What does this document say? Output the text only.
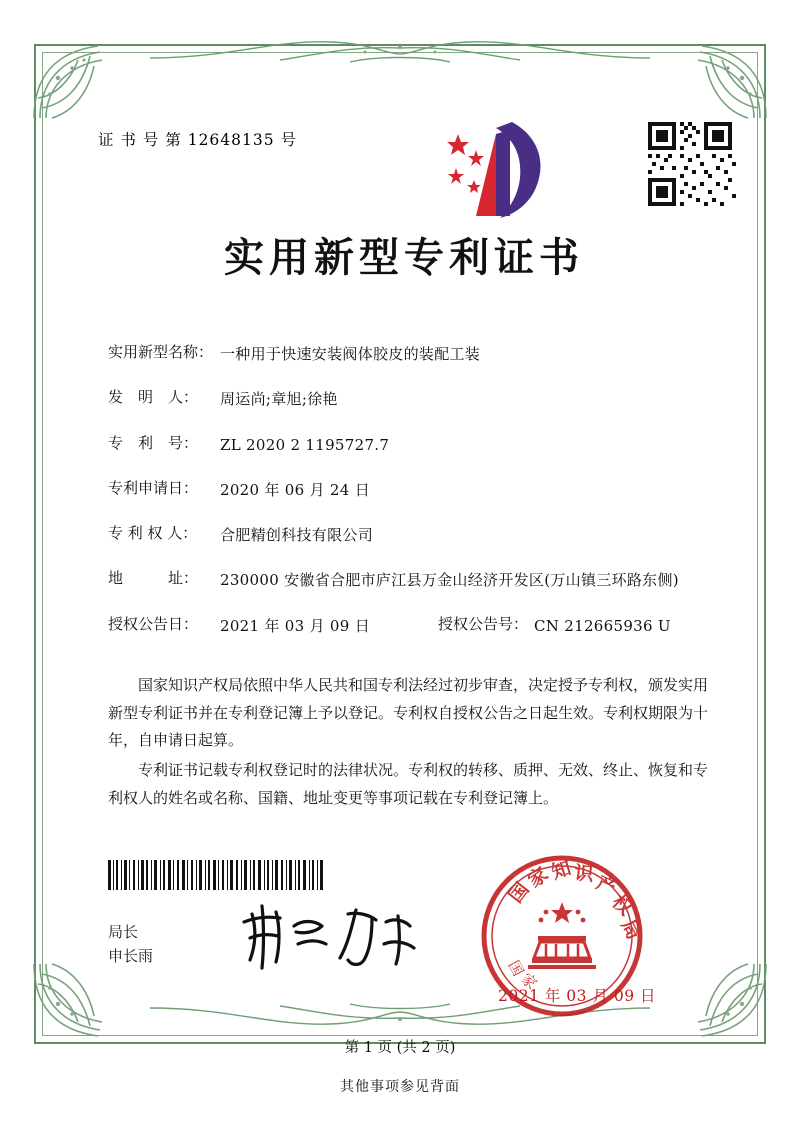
证 书 号 第 12648135 号
实用新型专利证书
实用新型名称： 一种用于快速安装阀体胶皮的装配工装
发　明　人：	周运尚;章旭;徐艳
专　利　号：	ZL 2020 2 1195727.7
专利申请日：	2020 年 06 月 24 日
专 利 权 人：	合肥精创科技有限公司
地　　　址：	230000 安徽省合肥市庐江县万金山经济开发区(万山镇三环路东侧)
授权公告日：	2021 年 03 月 09 日	授权公告号： CN 212665936 U

国家知识产权局依照中华人民共和国专利法经过初步审查，决定授予专利权，颁发实用新型专利证书并在专利登记簿上予以登记。专利权自授权公告之日起生效。专利权期限为十年，自申请日起算。

专利证书记载专利权登记时的法律状况。专利权的转移、质押、无效、终止、恢复和专利权人的姓名或名称、国籍、地址变更等事项记载在专利登记簿上。

局长
申长雨
国
家
知 识
产
权
局
国
家
2021 年 03 月 09 日
第 1 页 (共 2 页)
其他事项参见背面
